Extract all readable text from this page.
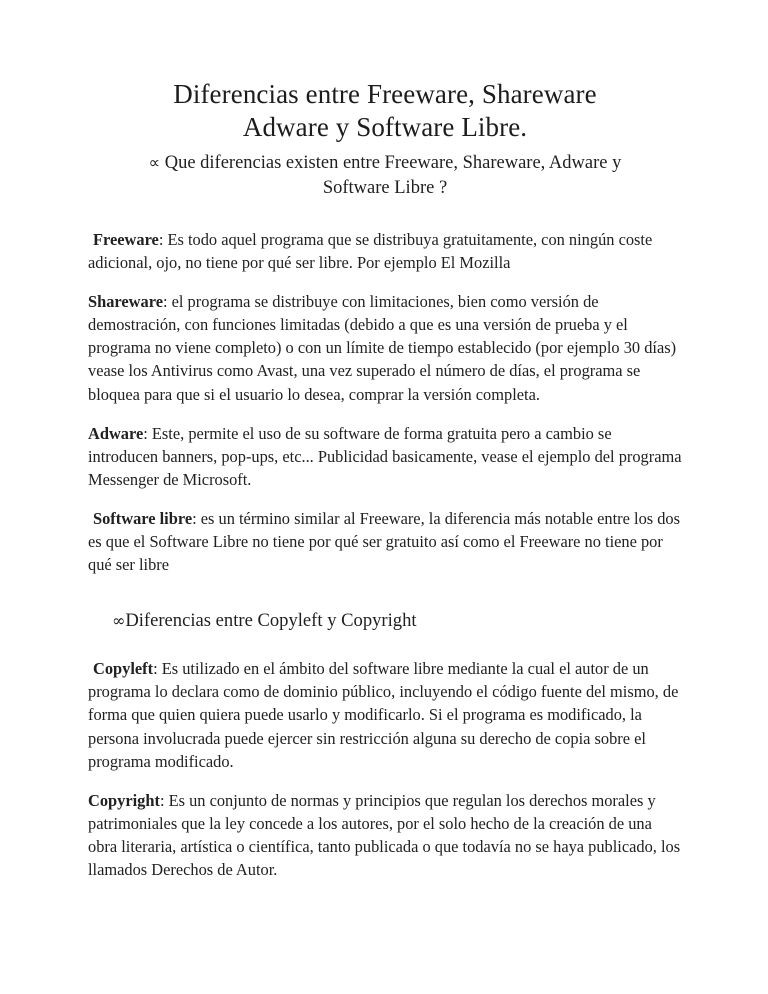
Diferencias entre Freeware, Shareware
Adware y Software Libre.
∝ Que diferencias existen entre Freeware, Shareware, Adware y
Software Libre ?

Freeware: Es todo aquel programa que se distribuya gratuitamente, con ningún coste adicional, ojo, no tiene por qué ser libre. Por ejemplo El Mozilla

Shareware: el programa se distribuye con limitaciones, bien como versión de demostración, con funciones limitadas (debido a que es una versión de prueba y el programa no viene completo) o con un límite de tiempo establecido (por ejemplo 30 días) vease los Antivirus como Avast, una vez superado el número de días, el programa se bloquea para que si el usuario lo desea, comprar la versión completa.

Adware: Este, permite el uso de su software de forma gratuita pero a cambio se introducen banners, pop-ups, etc... Publicidad basicamente, vease el ejemplo del programa Messenger de Microsoft.

Software libre: es un término similar al Freeware, la diferencia más notable entre los dos es que el Software Libre no tiene por qué ser gratuito así como el Freeware no tiene por qué ser libre

∞Diferencias entre Copyleft y Copyright

Copyleft: Es utilizado en el ámbito del software libre mediante la cual el autor de un programa lo declara como de dominio público, incluyendo el código fuente del mismo, de forma que quien quiera puede usarlo y modificarlo. Si el programa es modificado, la persona involucrada puede ejercer sin restricción alguna su derecho de copia sobre el programa modificado.

Copyright: Es un conjunto de normas y principios que regulan los derechos morales y patrimoniales que la ley concede a los autores, por el solo hecho de la creación de una obra literaria, artística o científica, tanto publicada o que todavía no se haya publicado, los llamados Derechos de Autor.
